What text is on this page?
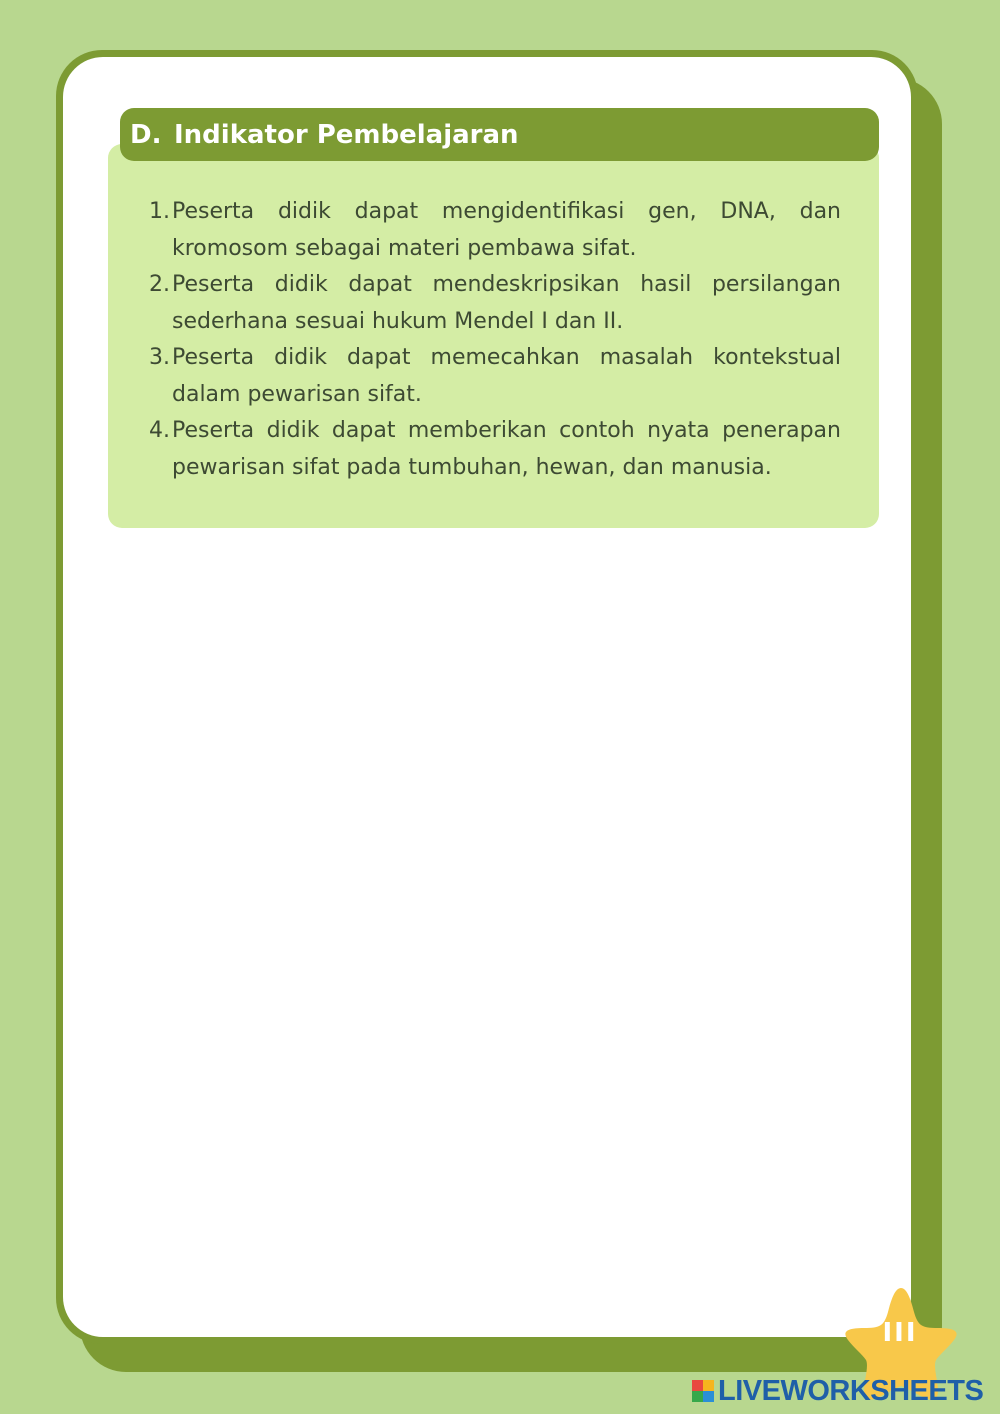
D. Indikator Pembelajaran
1. Peserta didik dapat mengidentifikasi gen, DNA, dan kromosom sebagai materi pembawa sifat.
2. Peserta didik dapat mendeskripsikan hasil persilangan sederhana sesuai hukum Mendel I dan II.
3. Peserta didik dapat memecahkan masalah kontekstual dalam pewarisan sifat.
4. Peserta didik dapat memberikan contoh nyata penerapan pewarisan sifat pada tumbuhan, hewan, dan manusia.
III
LIVEWORKSHEETS
